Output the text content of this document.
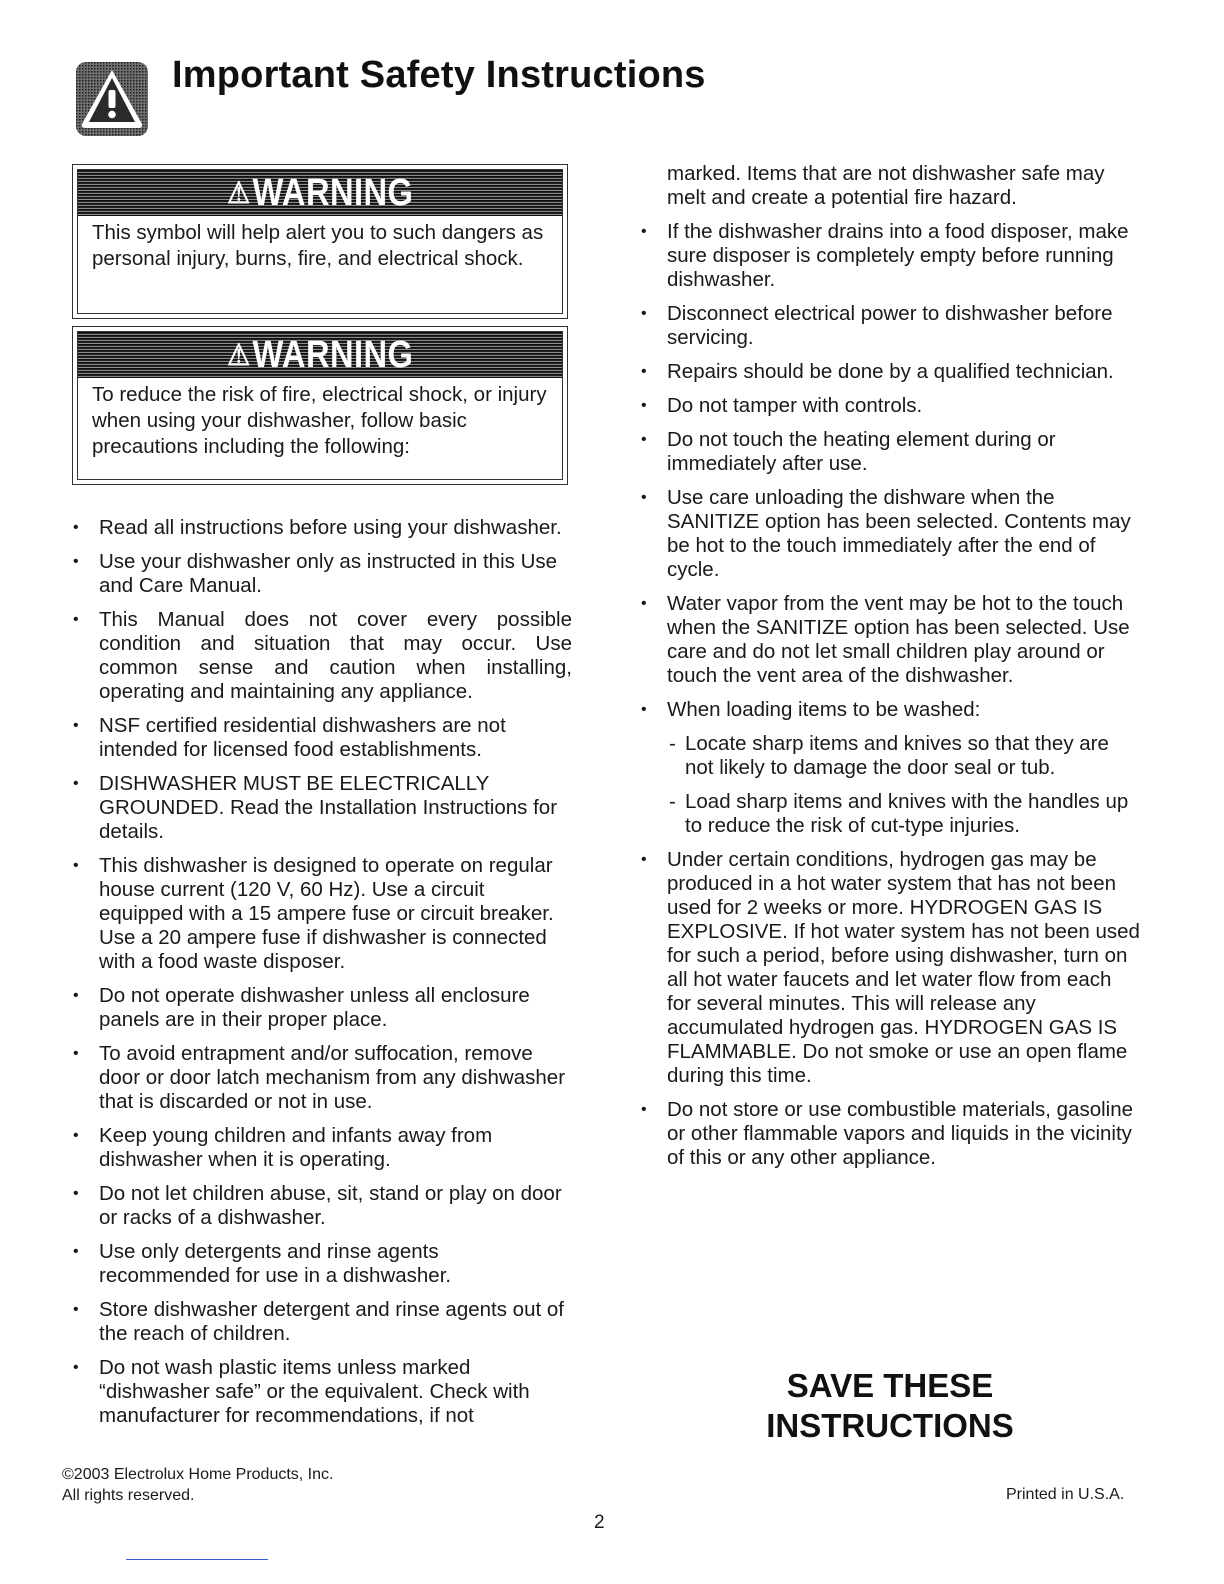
Important Safety Instructions
⚠ WARNING

This symbol will help alert you to such dangers as personal injury, burns, fire, and electrical shock.

⚠ WARNING

To reduce the risk of fire, electrical shock, or injury when using your dishwasher, follow basic precautions including the following:

• Read all instructions before using your dishwasher.
• Use your dishwasher only as instructed in this Use and Care Manual.
• This Manual does not cover every possible condition and situation that may occur. Use common sense and caution when installing, operating and maintaining any appliance.
• NSF certified residential dishwashers are not intended for licensed food establishments.
• DISHWASHER MUST BE ELECTRICALLY GROUNDED. Read the Installation Instructions for details.
• This dishwasher is designed to operate on regular house current (120 V, 60 Hz). Use a circuit equipped with a 15 ampere fuse or circuit breaker. Use a 20 ampere fuse if dishwasher is connected with a food waste disposer.
• Do not operate dishwasher unless all enclosure panels are in their proper place.
• To avoid entrapment and/or suffocation, remove door or door latch mechanism from any dishwasher that is discarded or not in use.
• Keep young children and infants away from dishwasher when it is operating.
• Do not let children abuse, sit, stand or play on door or racks of a dishwasher.
• Use only detergents and rinse agents recommended for use in a dishwasher.
• Store dishwasher detergent and rinse agents out of the reach of children.
• Do not wash plastic items unless marked “dishwasher safe” or the equivalent. Check with manufacturer for recommendations, if not

marked. Items that are not dishwasher safe may melt and create a potential fire hazard.

• If the dishwasher drains into a food disposer, make sure disposer is completely empty before running dishwasher.
• Disconnect electrical power to dishwasher before servicing.
• Repairs should be done by a qualified technician.
• Do not tamper with controls.
• Do not touch the heating element during or immediately after use.
• Use care unloading the dishware when the SANITIZE option has been selected. Contents may be hot to the touch immediately after the end of cycle.
• Water vapor from the vent may be hot to the touch when the SANITIZE option has been selected. Use care and do not let small children play around or touch the vent area of the dishwasher.
• When loading items to be washed:
- Locate sharp items and knives so that they are not likely to damage the door seal or tub.
- Load sharp items and knives with the handles up to reduce the risk of cut-type injuries.
• Under certain conditions, hydrogen gas may be produced in a hot water system that has not been used for 2 weeks or more. HYDROGEN GAS IS EXPLOSIVE. If hot water system has not been used for such a period, before using dishwasher, turn on all hot water faucets and let water flow from each for several minutes. This will release any accumulated hydrogen gas. HYDROGEN GAS IS FLAMMABLE. Do not smoke or use an open flame during this time.
• Do not store or use combustible materials, gasoline or other flammable vapors and liquids in the vicinity of this or any other appliance.
SAVE THESE
INSTRUCTIONS
©2003 Electrolux Home Products, Inc.
All rights reserved.	Printed in U.S.A.
2
